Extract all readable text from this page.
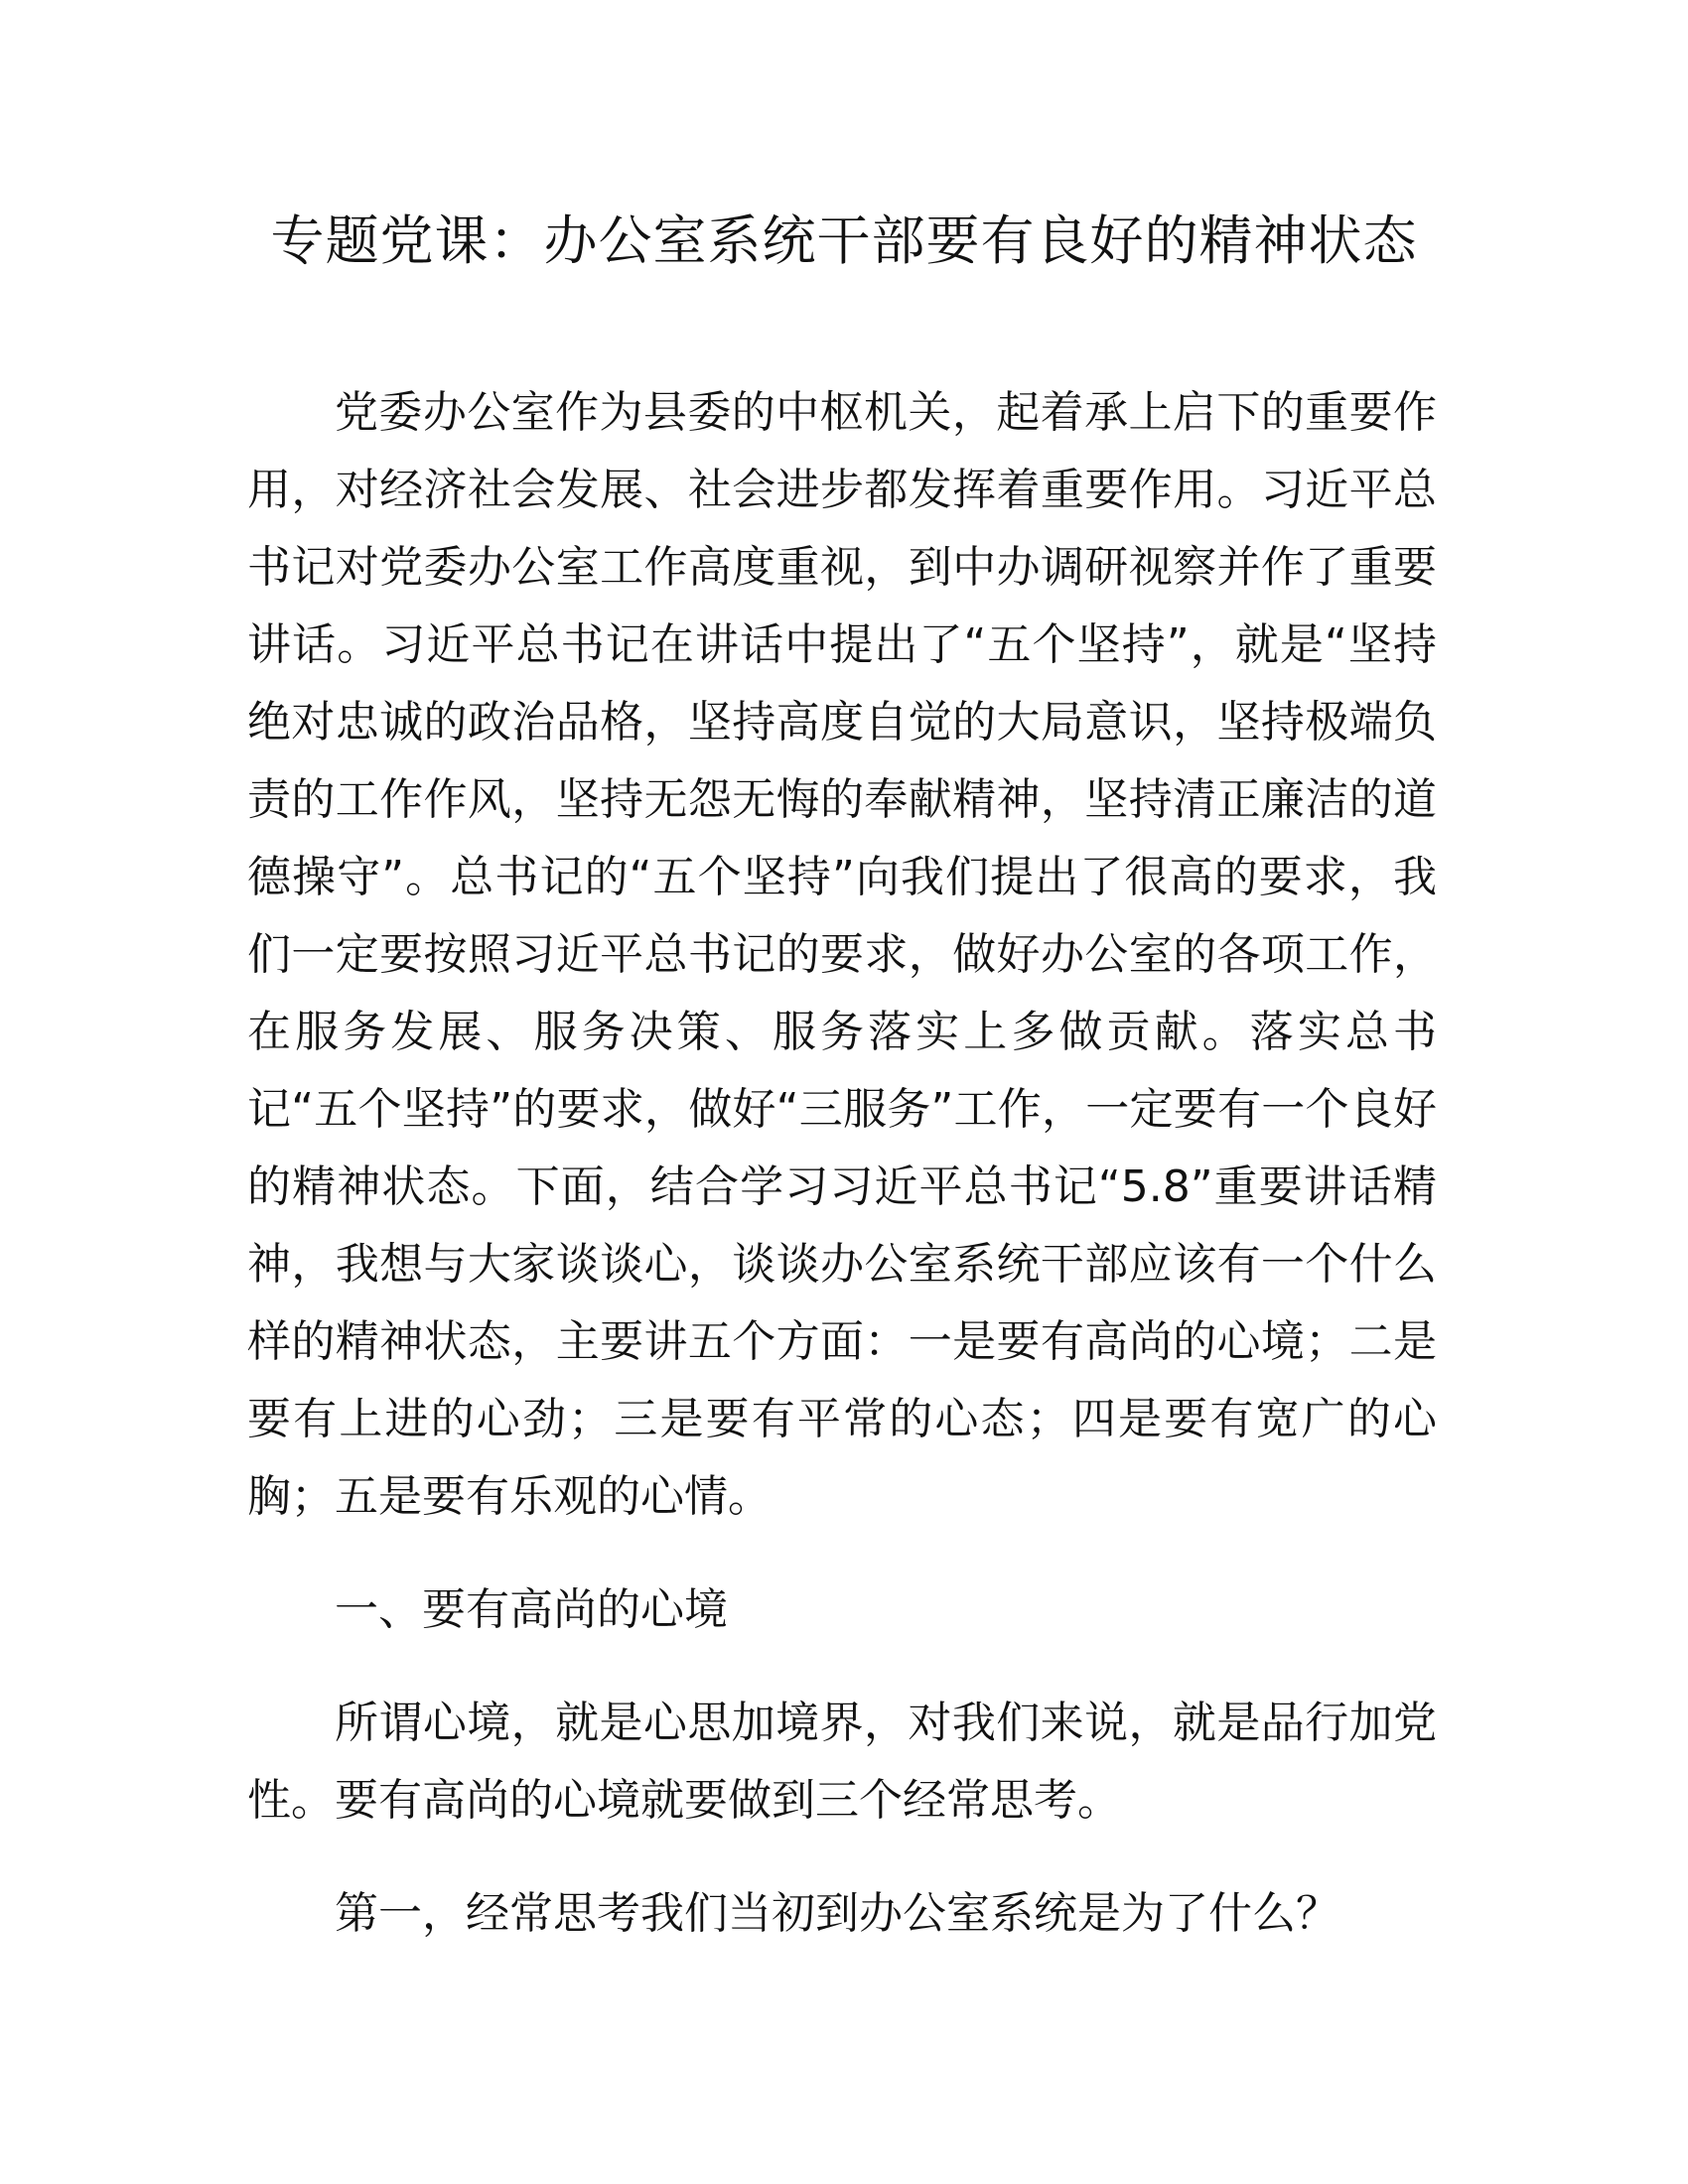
专题党课：办公室系统干部要有良好的精神状态

党委办公室作为县委的中枢机关，起着承上启下的重要作用，对经济社会发展、社会进步都发挥着重要作用。习近平总书记对党委办公室工作高度重视，到中办调研视察并作了重要讲话。习近平总书记在讲话中提出了“五个坚持”，就是“坚持绝对忠诚的政治品格，坚持高度自觉的大局意识，坚持极端负责的工作作风，坚持无怨无悔的奉献精神，坚持清正廉洁的道德操守”。总书记的“五个坚持”向我们提出了很高的要求，我们一定要按照习近平总书记的要求，做好办公室的各项工作，在服务发展、服务决策、服务落实上多做贡献。落实总书记“五个坚持”的要求，做好“三服务”工作，一定要有一个良好的精神状态。下面，结合学习习近平总书记“5.8”重要讲话精神，我想与大家谈谈心，谈谈办公室系统干部应该有一个什么样的精神状态，主要讲五个方面：一是要有高尚的心境；二是要有上进的心劲；三是要有平常的心态；四是要有宽广的心胸；五是要有乐观的心情。

一、要有高尚的心境

所谓心境，就是心思加境界，对我们来说，就是品行加党性。要有高尚的心境就要做到三个经常思考。

第一，经常思考我们当初到办公室系统是为了什么？
